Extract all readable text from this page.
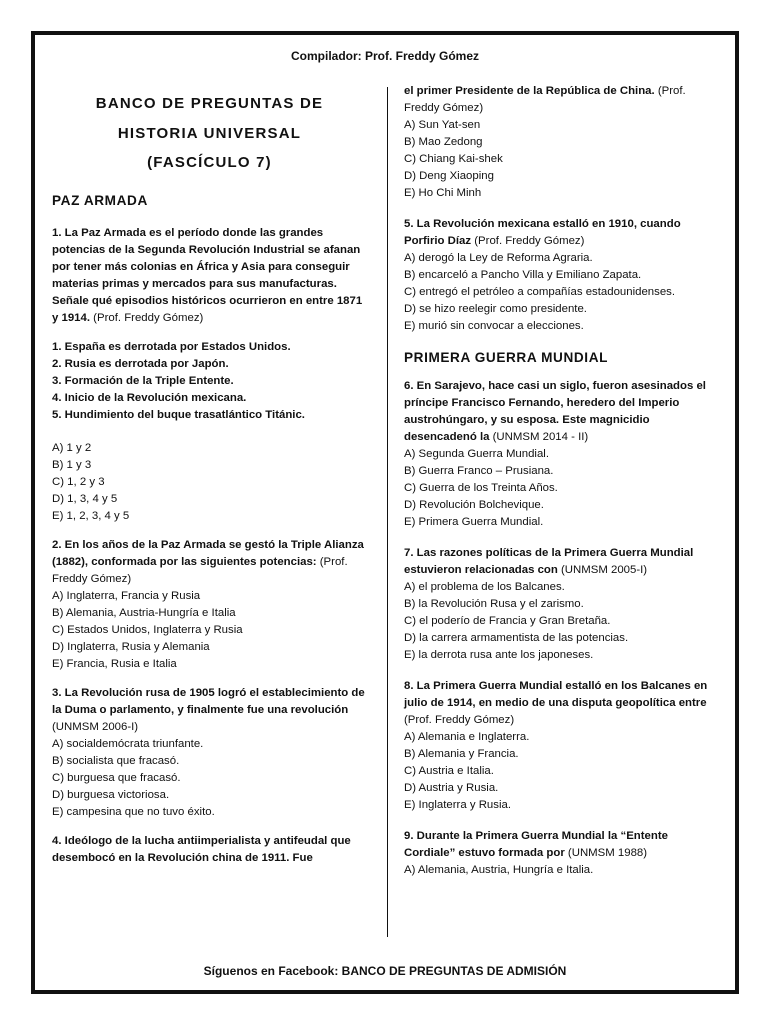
Compilador: Prof. Freddy Gómez
BANCO DE PREGUNTAS DE
HISTORIA UNIVERSAL
(FASCÍCULO 7)
PAZ ARMADA
1. La Paz Armada es el período donde las grandes potencias de la Segunda Revolución Industrial se afanan por tener más colonias en África y Asia para conseguir materias primas y mercados para sus manufacturas. Señale qué episodios históricos ocurrieron en entre 1871 y 1914. (Prof. Freddy Gómez)
1. España es derrotada por Estados Unidos.
2. Rusia es derrotada por Japón.
3. Formación de la Triple Entente.
4. Inicio de la Revolución mexicana.
5. Hundimiento del buque trasatlántico Titánic.
A) 1 y 2
B) 1 y 3
C) 1, 2 y 3
D) 1, 3, 4 y 5
E) 1, 2, 3, 4 y 5
2. En los años de la Paz Armada se gestó la Triple Alianza (1882), conformada por las siguientes potencias: (Prof. Freddy Gómez)
A) Inglaterra, Francia y Rusia
B) Alemania, Austria-Hungría e Italia
C) Estados Unidos, Inglaterra y Rusia
D) Inglaterra, Rusia y Alemania
E) Francia, Rusia e Italia
3. La Revolución rusa de 1905 logró el establecimiento de la Duma o parlamento, y finalmente fue una revolución (UNMSM 2006-I)
A) socialdemócrata triunfante.
B) socialista que fracasó.
C) burguesa que fracasó.
D) burguesa victoriosa.
E) campesina que no tuvo éxito.
4. Ideólogo de la lucha antiimperialista y antifeudal que desembocó en la Revolución china de 1911. Fue
el primer Presidente de la República de China. (Prof. Freddy Gómez)
A) Sun Yat-sen
B) Mao Zedong
C) Chiang Kai-shek
D) Deng Xiaoping
E) Ho Chi Minh
5. La Revolución mexicana estalló en 1910, cuando Porfirio Díaz (Prof. Freddy Gómez)
A) derogó la Ley de Reforma Agraria.
B) encarceló a Pancho Villa y Emiliano Zapata.
C) entregó el petróleo a compañías estadounidenses.
D) se hizo reelegir como presidente.
E) murió sin convocar a elecciones.
PRIMERA GUERRA MUNDIAL
6. En Sarajevo, hace casi un siglo, fueron asesinados el príncipe Francisco Fernando, heredero del Imperio austrohúngaro, y su esposa. Este magnicidio desencadenó la (UNMSM 2014 - II)
A) Segunda Guerra Mundial.
B) Guerra Franco – Prusiana.
C) Guerra de los Treinta Años.
D) Revolución Bolchevique.
E) Primera Guerra Mundial.
7. Las razones políticas de la Primera Guerra Mundial estuvieron relacionadas con (UNMSM 2005-I)
A) el problema de los Balcanes.
B) la Revolución Rusa y el zarismo.
C) el poderío de Francia y Gran Bretaña.
D) la carrera armamentista de las potencias.
E) la derrota rusa ante los japoneses.
8. La Primera Guerra Mundial estalló en los Balcanes en julio de 1914, en medio de una disputa geopolítica entre (Prof. Freddy Gómez)
A) Alemania e Inglaterra.
B) Alemania y Francia.
C) Austria e Italia.
D) Austria y Rusia.
E) Inglaterra y Rusia.
9. Durante la Primera Guerra Mundial la “Entente Cordiale” estuvo formada por (UNMSM 1988)
A) Alemania, Austria, Hungría e Italia.
Síguenos en Facebook: BANCO DE PREGUNTAS DE ADMISIÓN
